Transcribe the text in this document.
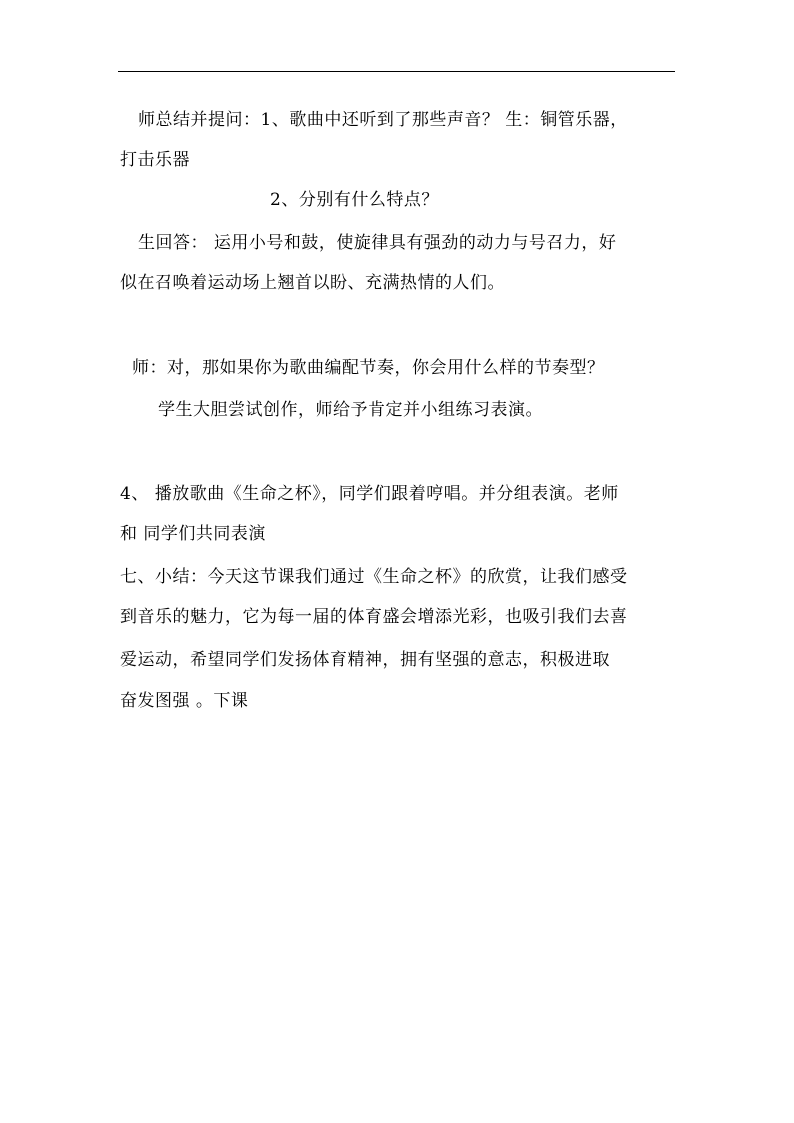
师总结并提问：1、歌曲中还听到了那些声音？ 生：铜管乐器，
打击乐器
2、分别有什么特点？
生回答： 运用小号和鼓，使旋律具有强劲的动力与号召力，好
似在召唤着运动场上翘首以盼、充满热情的人们。
师：对，那如果你为歌曲编配节奏，你会用什么样的节奏型？
学生大胆尝试创作，师给予肯定并小组练习表演。
4、 播放歌曲《生命之杯》，同学们跟着哼唱。并分组表演。老师
和 同学们共同表演
七、小结：今天这节课我们通过《生命之杯》的欣赏，让我们感受
到音乐的魅力，它为每一届的体育盛会增添光彩，也吸引我们去喜
爱运动，希望同学们发扬体育精神，拥有坚强的意志，积极进取
奋发图强 。下课
